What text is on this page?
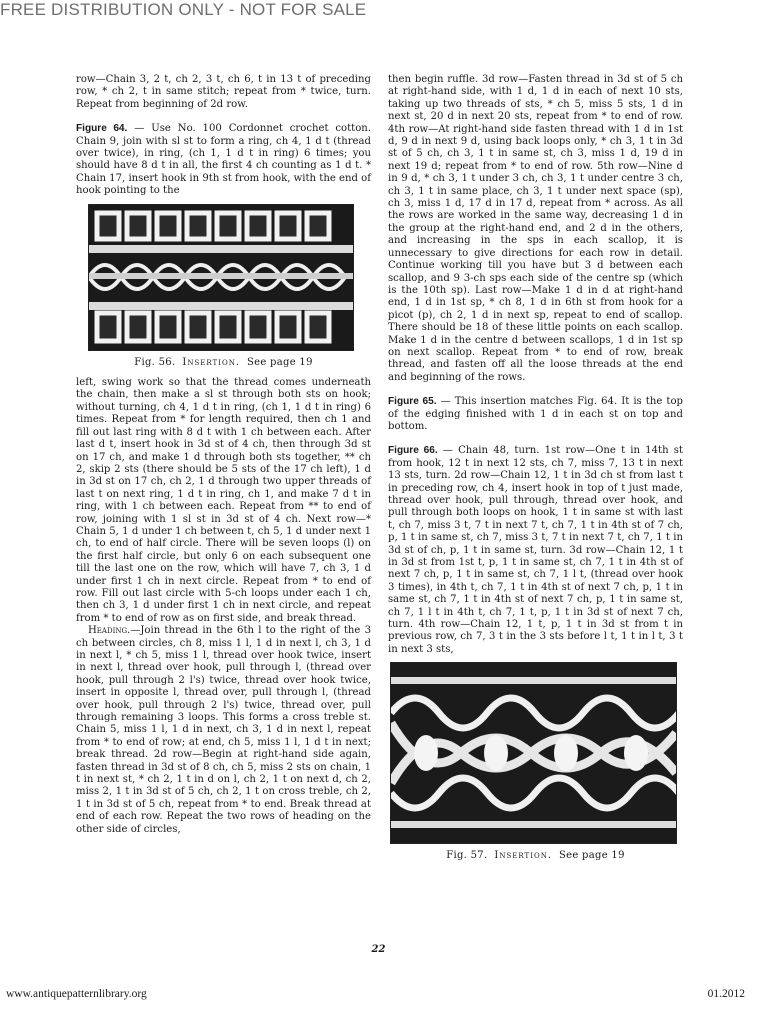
FREE DISTRIBUTION ONLY - NOT FOR SALE

row—Chain 3, 2 t, ch 2, 3 t, ch 6, t in 13 t of preceding row, * ch 2, t in same stitch; repeat from * twice, turn. Repeat from beginning of 2d row.

Figure 64. — Use No. 100 Cordonnet crochet cotton. Chain 9, join with sl st to form a ring, ch 4, 1 d t (thread over twice), in ring, (ch 1, 1 d t in ring) 6 times; you should have 8 d t in all, the first 4 ch counting as 1 d t. * Chain 17, insert hook in 9th st from hook, with the end of hook pointing to the

Fig. 56. Insertion. See page 19

left, swing work so that the thread comes underneath the chain, then make a sl st through both sts on hook; without turning, ch 4, 1 d t in ring, (ch 1, 1 d t in ring) 6 times. Repeat from * for length required, then ch 1 and fill out last ring with 8 d t with 1 ch between each. After last d t, insert hook in 3d st of 4 ch, then through 3d st on 17 ch, and make 1 d through both sts together, ** ch 2, skip 2 sts (there should be 5 sts of the 17 ch left), 1 d in 3d st on 17 ch, ch 2, 1 d through two upper threads of last t on next ring, 1 d t in ring, ch 1, and make 7 d t in ring, with 1 ch between each. Repeat from ** to end of row, joining with 1 sl st in 3d st of 4 ch. Next row—* Chain 5, 1 d under 1 ch between t, ch 5, 1 d under next 1 ch, to end of half circle. There will be seven loops (l) on the first half circle, but only 6 on each subsequent one till the last one on the row, which will have 7, ch 3, 1 d under first 1 ch in next circle. Repeat from * to end of row. Fill out last circle with 5-ch loops under each 1 ch, then ch 3, 1 d under first 1 ch in next circle, and repeat from * to end of row as on first side, and break thread.

Heading.—Join thread in the 6th l to the right of the 3 ch between circles, ch 8, miss 1 l, 1 d in next l, ch 3, 1 d in next l, * ch 5, miss 1 l, thread over hook twice, insert in next l, thread over hook, pull through l, (thread over hook, pull through 2 l's) twice, thread over hook twice, insert in opposite l, thread over, pull through l, (thread over hook, pull through 2 l's) twice, thread over, pull through remaining 3 loops. This forms a cross treble st. Chain 5, miss 1 l, 1 d in next, ch 3, 1 d in next l, repeat from * to end of row; at end, ch 5, miss 1 l, 1 d t in next; break thread. 2d row—Begin at right-hand side again, fasten thread in 3d st of 8 ch, ch 5, miss 2 sts on chain, 1 t in next st, * ch 2, 1 t in d on l, ch 2, 1 t on next d, ch 2, miss 2, 1 t in 3d st of 5 ch, ch 2, 1 t on cross treble, ch 2, 1 t in 3d st of 5 ch, repeat from * to end. Break thread at end of each row. Repeat the two rows of heading on the other side of circles,

then begin ruffle. 3d row—Fasten thread in 3d st of 5 ch at right-hand side, with 1 d, 1 d in each of next 10 sts, taking up two threads of sts, * ch 5, miss 5 sts, 1 d in next st, 20 d in next 20 sts, repeat from * to end of row. 4th row—At right-hand side fasten thread with 1 d in 1st d, 9 d in next 9 d, using back loops only, * ch 3, 1 t in 3d st of 5 ch, ch 3, 1 t in same st, ch 3, miss 1 d, 19 d in next 19 d; repeat from * to end of row. 5th row—Nine d in 9 d, * ch 3, 1 t under 3 ch, ch 3, 1 t under centre 3 ch, ch 3, 1 t in same place, ch 3, 1 t under next space (sp), ch 3, miss 1 d, 17 d in 17 d, repeat from * across. As all the rows are worked in the same way, decreasing 1 d in the group at the right-hand end, and 2 d in the others, and increasing in the sps in each scallop, it is unnecessary to give directions for each row in detail. Continue working till you have but 3 d between each scallop, and 9 3-ch sps each side of the centre sp (which is the 10th sp). Last row—Make 1 d in d at right-hand end, 1 d in 1st sp, * ch 8, 1 d in 6th st from hook for a picot (p), ch 2, 1 d in next sp, repeat to end of scallop. There should be 18 of these little points on each scallop. Make 1 d in the centre d between scallops, 1 d in 1st sp on next scallop. Repeat from * to end of row, break thread, and fasten off all the loose threads at the end and beginning of the rows.

Figure 65. — This insertion matches Fig. 64. It is the top of the edging finished with 1 d in each st on top and bottom.

Figure 66. — Chain 48, turn. 1st row—One t in 14th st from hook, 12 t in next 12 sts, ch 7, miss 7, 13 t in next 13 sts, turn. 2d row—Chain 12, 1 t in 3d ch st from last t in preceding row, ch 4, insert hook in top of t just made, thread over hook, pull through, thread over hook, and pull through both loops on hook, 1 t in same st with last t, ch 7, miss 3 t, 7 t in next 7 t, ch 7, 1 t in 4th st of 7 ch, p, 1 t in same st, ch 7, miss 3 t, 7 t in next 7 t, ch 7, 1 t in 3d st of ch, p, 1 t in same st, turn. 3d row—Chain 12, 1 t in 3d st from 1st t, p, 1 t in same st, ch 7, 1 t in 4th st of next 7 ch, p, 1 t in same st, ch 7, 1 l t, (thread over hook 3 times), in 4th t, ch 7, 1 t in 4th st of next 7 ch, p, 1 t in same st, ch 7, 1 t in 4th st of next 7 ch, p, 1 t in same st, ch 7, 1 l t in 4th t, ch 7, 1 t, p, 1 t in 3d st of next 7 ch, turn. 4th row—Chain 12, 1 t, p, 1 t in 3d st from t in previous row, ch 7, 3 t in the 3 sts before l t, 1 t in l t, 3 t in next 3 sts,

Fig. 57. Insertion. See page 19
22
www.antiquepatternlibrary.org	01.2012
